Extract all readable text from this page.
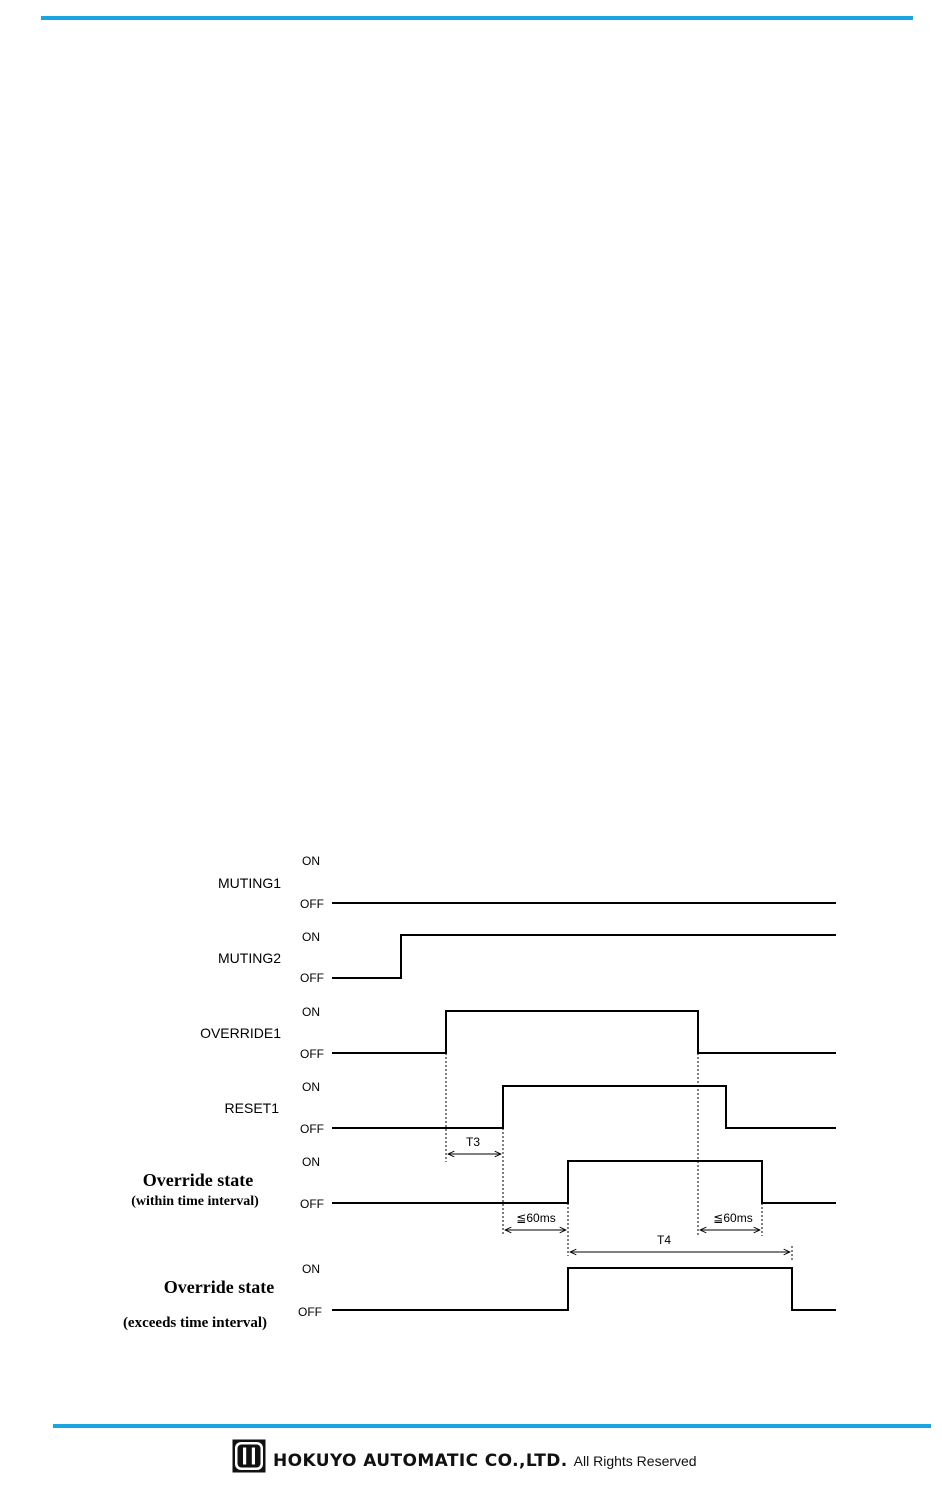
MUTING1
MUTING2
OVERRIDE1
RESET1
Override state
(within time interval)
Override state
(exceeds time interval)
ON
OFF
ON
OFF
ON
OFF
ON
OFF
ON
OFF
ON
OFF
T3
≦60ms	≦60ms
T4
HOKUYO AUTOMATIC CO.,LTD. All Rights Reserved
